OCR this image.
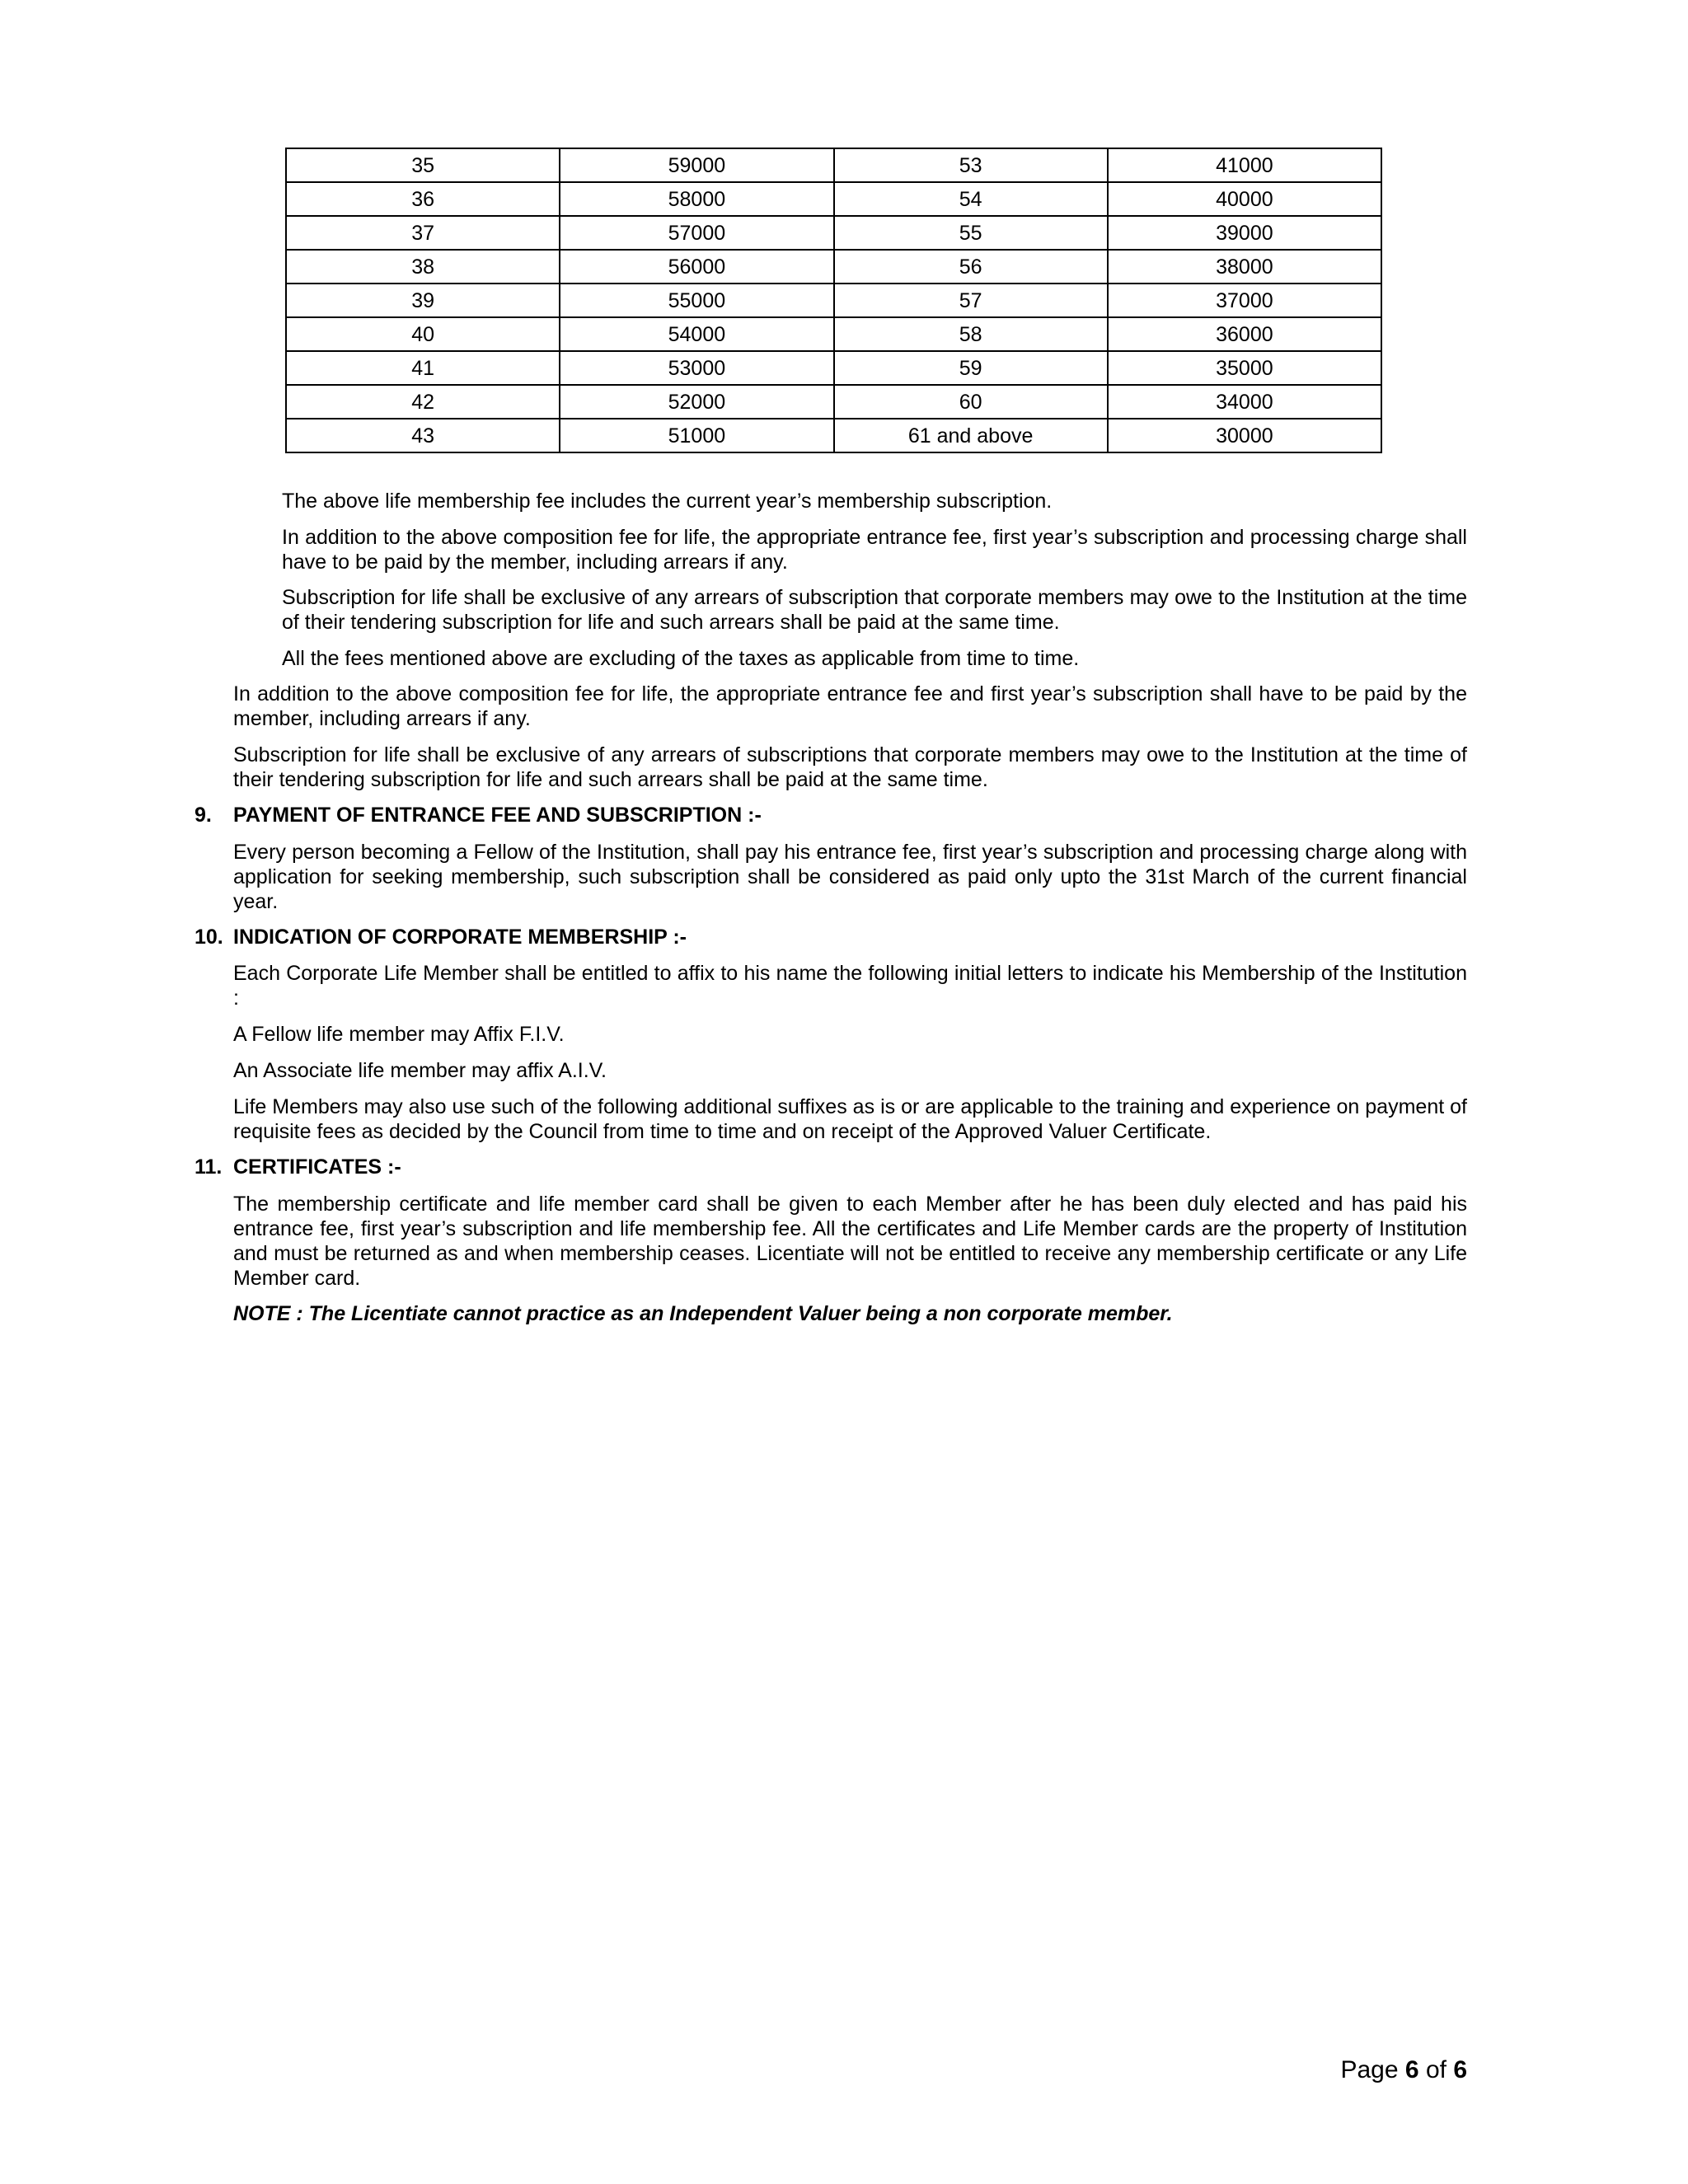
35	59000	53	41000
36	58000	54	40000
37	57000	55	39000
38	56000	56	38000
39	55000	57	37000
40	54000	58	36000
41	53000	59	35000
42	52000	60	34000
43	51000	61 and above	30000

The above life membership fee includes the current year’s membership subscription.

In addition to the above composition fee for life, the appropriate entrance fee, first year’s subscription and processing charge shall have to be paid by the member, including arrears if any.

Subscription for life shall be exclusive of any arrears of subscription that corporate members may owe to the Institution at the time of their tendering subscription for life and such arrears shall be paid at the same time.

All the fees mentioned above are excluding of the taxes as applicable from time to time.

In addition to the above composition fee for life, the appropriate entrance fee and first year’s subscription shall have to be paid by the member, including arrears if any.

Subscription for life shall be exclusive of any arrears of subscriptions that corporate members may owe to the Institution at the time of their tendering subscription for life and such arrears shall be paid at the same time.

9. PAYMENT OF ENTRANCE FEE AND SUBSCRIPTION :-

Every person becoming a Fellow of the Institution, shall pay his entrance fee, first year’s subscription and processing charge along with application for seeking membership, such subscription shall be considered as paid only upto the 31st March of the current financial year.

10. INDICATION OF CORPORATE MEMBERSHIP :-

Each Corporate Life Member shall be entitled to affix to his name the following initial letters to indicate his Membership of the Institution :

A Fellow life member may Affix F.I.V.

An Associate life member may affix A.I.V.

Life Members may also use such of the following additional suffixes as is or are applicable to the training and experience on payment of requisite fees as decided by the Council from time to time and on receipt of the Approved Valuer Certificate.

11. CERTIFICATES :-

The membership certificate and life member card shall be given to each Member after he has been duly elected and has paid his entrance fee, first year’s subscription and life membership fee. All the certificates and Life Member cards are the property of Institution and must be returned as and when membership ceases. Licentiate will not be entitled to receive any membership certificate or any Life Member card.

NOTE : The Licentiate cannot practice as an Independent Valuer being a non corporate member.

Page 6 of 6
